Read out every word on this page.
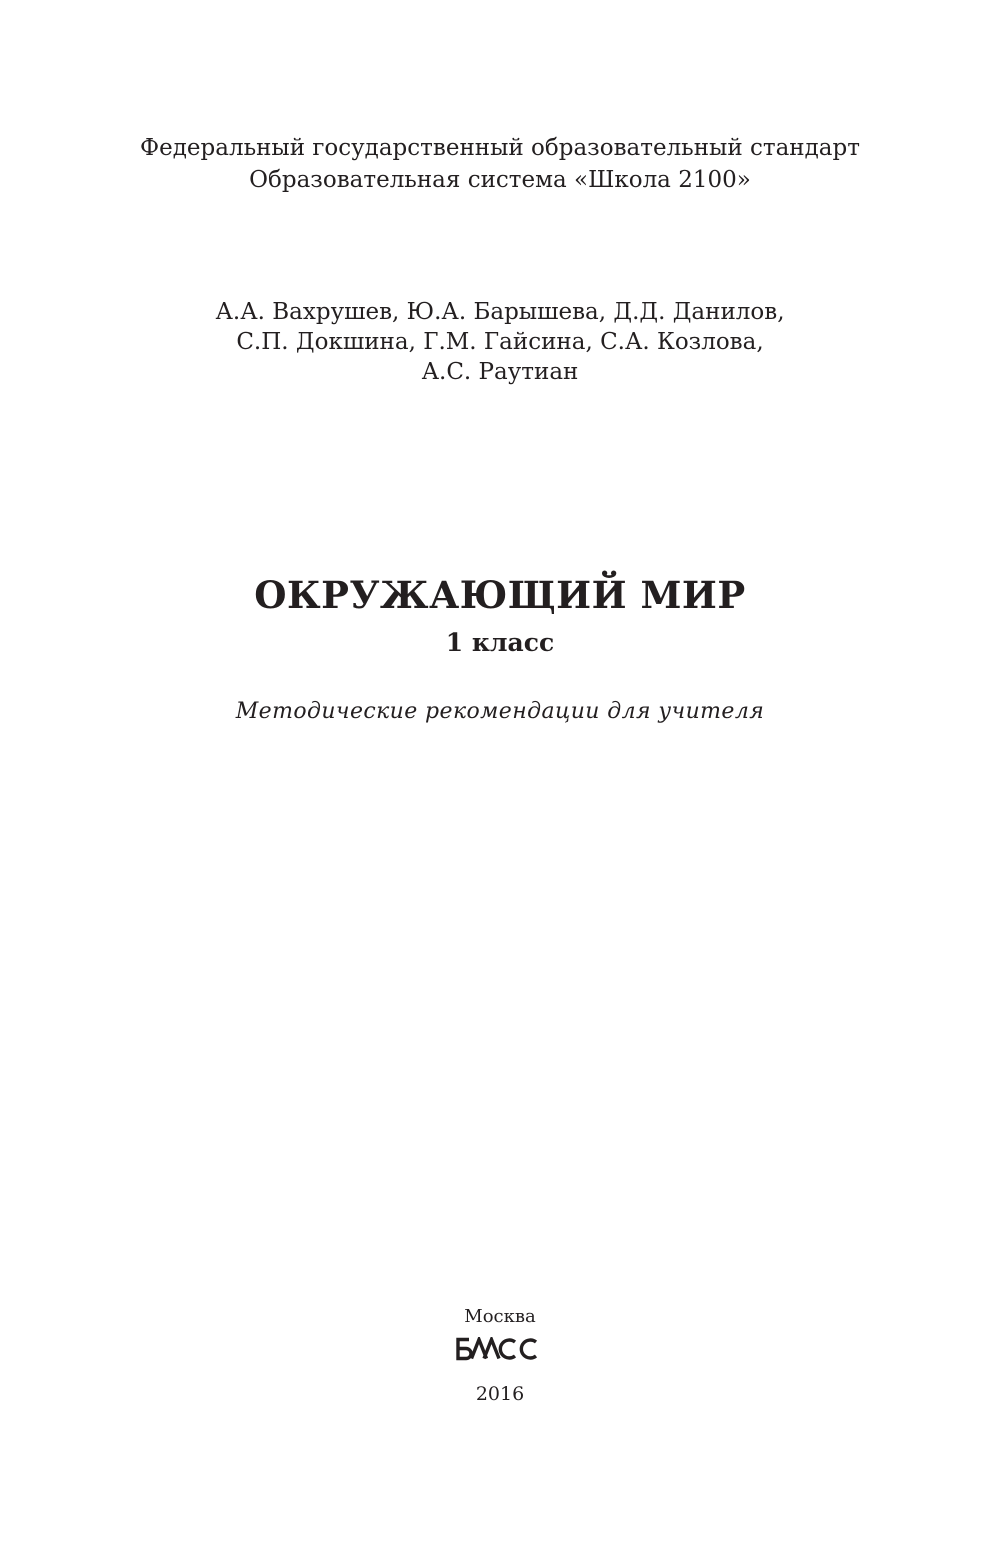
Федеральный государственный образовательный стандарт
Образовательная система «Школа 2100»
А.А. Вахрушев, Ю.А. Барышева, Д.Д. Данилов,
С.П. Докшина, Г.М. Гайсина, С.А. Козлова,
А.С. Раутиан
ОКРУЖАЮЩИЙ МИР
1 класс
Методические рекомендации для учителя
Москва
2016
